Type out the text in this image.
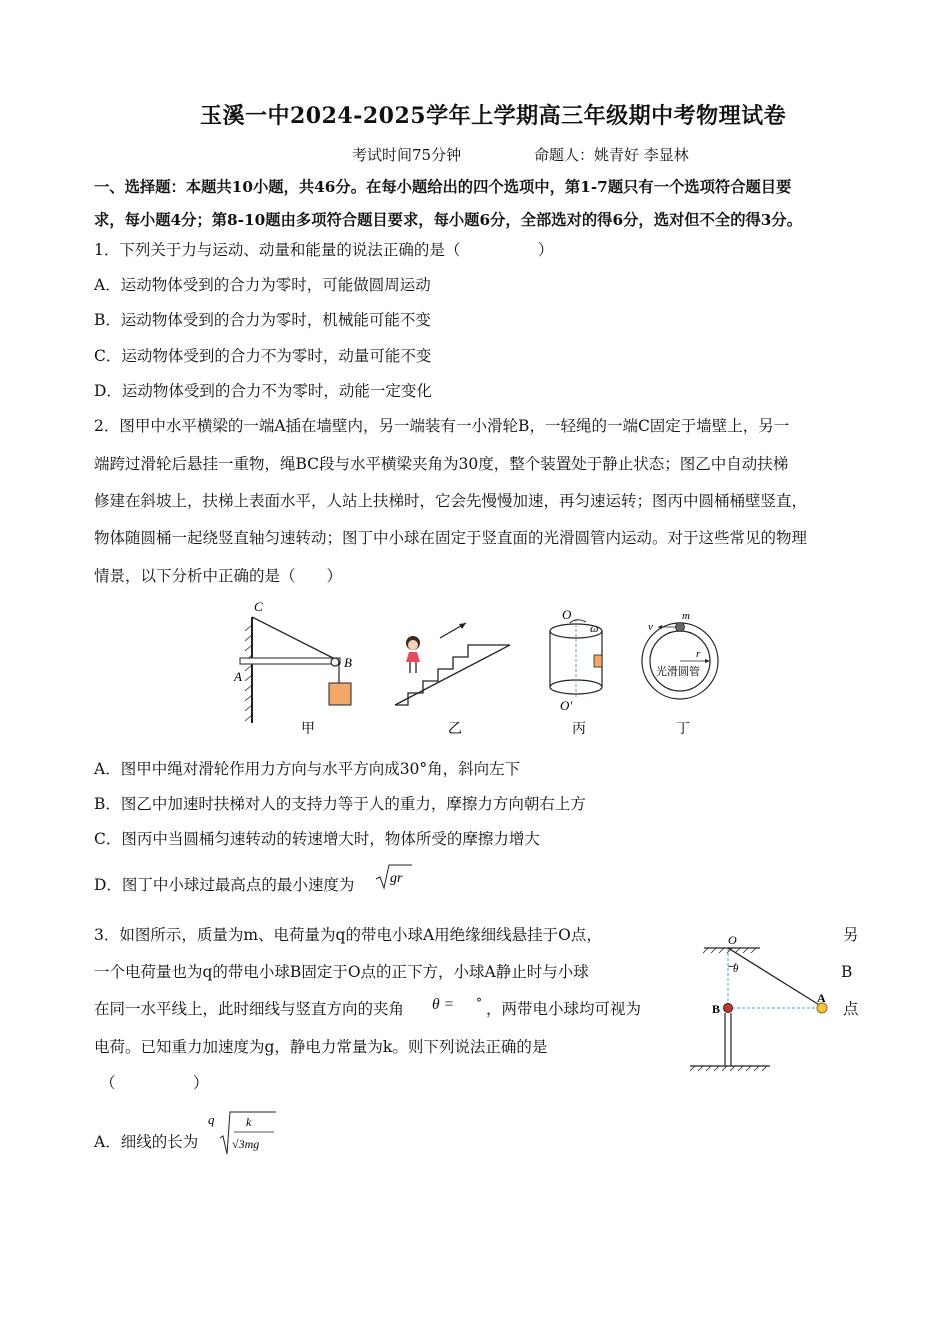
玉溪一中2024-2025学年上学期高三年级期中考物理试卷
考试时间75分钟	命题人：姚青好 李显林
一、选择题：本题共10小题，共46分。在每小题给出的四个选项中，第1-7题只有一个选项符合题目要
求，每小题4分；第8-10题由多项符合题目要求，每小题6分，全部选对的得6分，选对但不全的得3分。
1．下列关于力与运动、动量和能量的说法正确的是（　　　　　）
A．运动物体受到的合力为零时，可能做圆周运动
B．运动物体受到的合力为零时，机械能可能不变
C．运动物体受到的合力不为零时，动量可能不变
D．运动物体受到的合力不为零时，动能一定变化
2．图甲中水平横梁的一端A插在墙壁内，另一端装有一小滑轮B，一轻绳的一端C固定于墙壁上，另一
端跨过滑轮后悬挂一重物，绳BC段与水平横梁夹角为30度，整个装置处于静止状态；图乙中自动扶梯
修建在斜坡上，扶梯上表面水平，人站上扶梯时，它会先慢慢加速，再匀速运转；图丙中圆桶桶壁竖直，
物体随圆桶一起绕竖直轴匀速转动；图丁中小球在固定于竖直面的光滑圆管内运动。对于这些常见的物理
情景，以下分析中正确的是（　　）
C
A
B
甲	乙
O
ω
O'
丙
m
v
r
光滑圆管
丁
A．图甲中绳对滑轮作用力方向与水平方向成30°角，斜向左下
B．图乙中加速时扶梯对人的支持力等于人的重力，摩擦力方向朝右上方
C．图丙中当圆桶匀速转动的转速增大时，物体所受的摩擦力增大
D．图丁中小球过最高点的最小速度为	gr
3．如图所示，质量为m、电荷量为q的带电小球A用绝缘细线悬挂于O点，	另
一个电荷量也为q的带电小球B固定于O点的正下方，小球A静止时与小球	B
在同一水平线上，此时细线与竖直方向的夹角 θ = ° ，两带电小球均可视为	点
电荷。已知重力加速度为g，静电力常量为k。则下列说法正确的是
（　　　　　）
O
θ
A
B
A．细线的长为
q	k
√3mg
